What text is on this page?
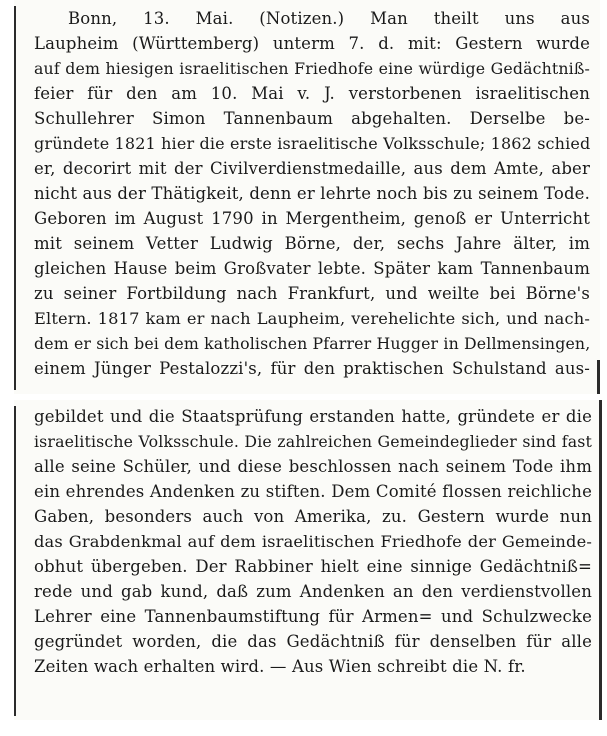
Bonn, 13. Mai. (Notizen.) Man theilt uns aus
Laupheim (Württemberg) unterm 7. d. mit: Gestern wurde
auf dem hiesigen israelitischen Friedhofe eine würdige Gedächtniß-
feier für den am 10. Mai v. J. verstorbenen israelitischen
Schullehrer Simon Tannenbaum abgehalten. Derselbe be-
gründete 1821 hier die erste israelitische Volksschule; 1862 schied
er, decorirt mit der Civilverdienstmedaille, aus dem Amte, aber
nicht aus der Thätigkeit, denn er lehrte noch bis zu seinem Tode.
Geboren im August 1790 in Mergentheim, genoß er Unterricht
mit seinem Vetter Ludwig Börne, der, sechs Jahre älter, im
gleichen Hause beim Großvater lebte. Später kam Tannenbaum
zu seiner Fortbildung nach Frankfurt, und weilte bei Börne's
Eltern. 1817 kam er nach Laupheim, verehelichte sich, und nach-
dem er sich bei dem katholischen Pfarrer Hugger in Dellmensingen,
einem Jünger Pestalozzi's, für den praktischen Schulstand aus-
gebildet und die Staatsprüfung erstanden hatte, gründete er die
israelitische Volksschule. Die zahlreichen Gemeindeglieder sind fast
alle seine Schüler, und diese beschlossen nach seinem Tode ihm
ein ehrendes Andenken zu stiften. Dem Comité flossen reichliche
Gaben, besonders auch von Amerika, zu. Gestern wurde nun
das Grabdenkmal auf dem israelitischen Friedhofe der Gemeinde-
obhut übergeben. Der Rabbiner hielt eine sinnige Gedächtniß=
rede und gab kund, daß zum Andenken an den verdienstvollen
Lehrer eine Tannenbaumstiftung für Armen= und Schulzwecke
gegründet worden, die das Gedächtniß für denselben für alle
Zeiten wach erhalten wird. — Aus Wien schreibt die N. fr.
